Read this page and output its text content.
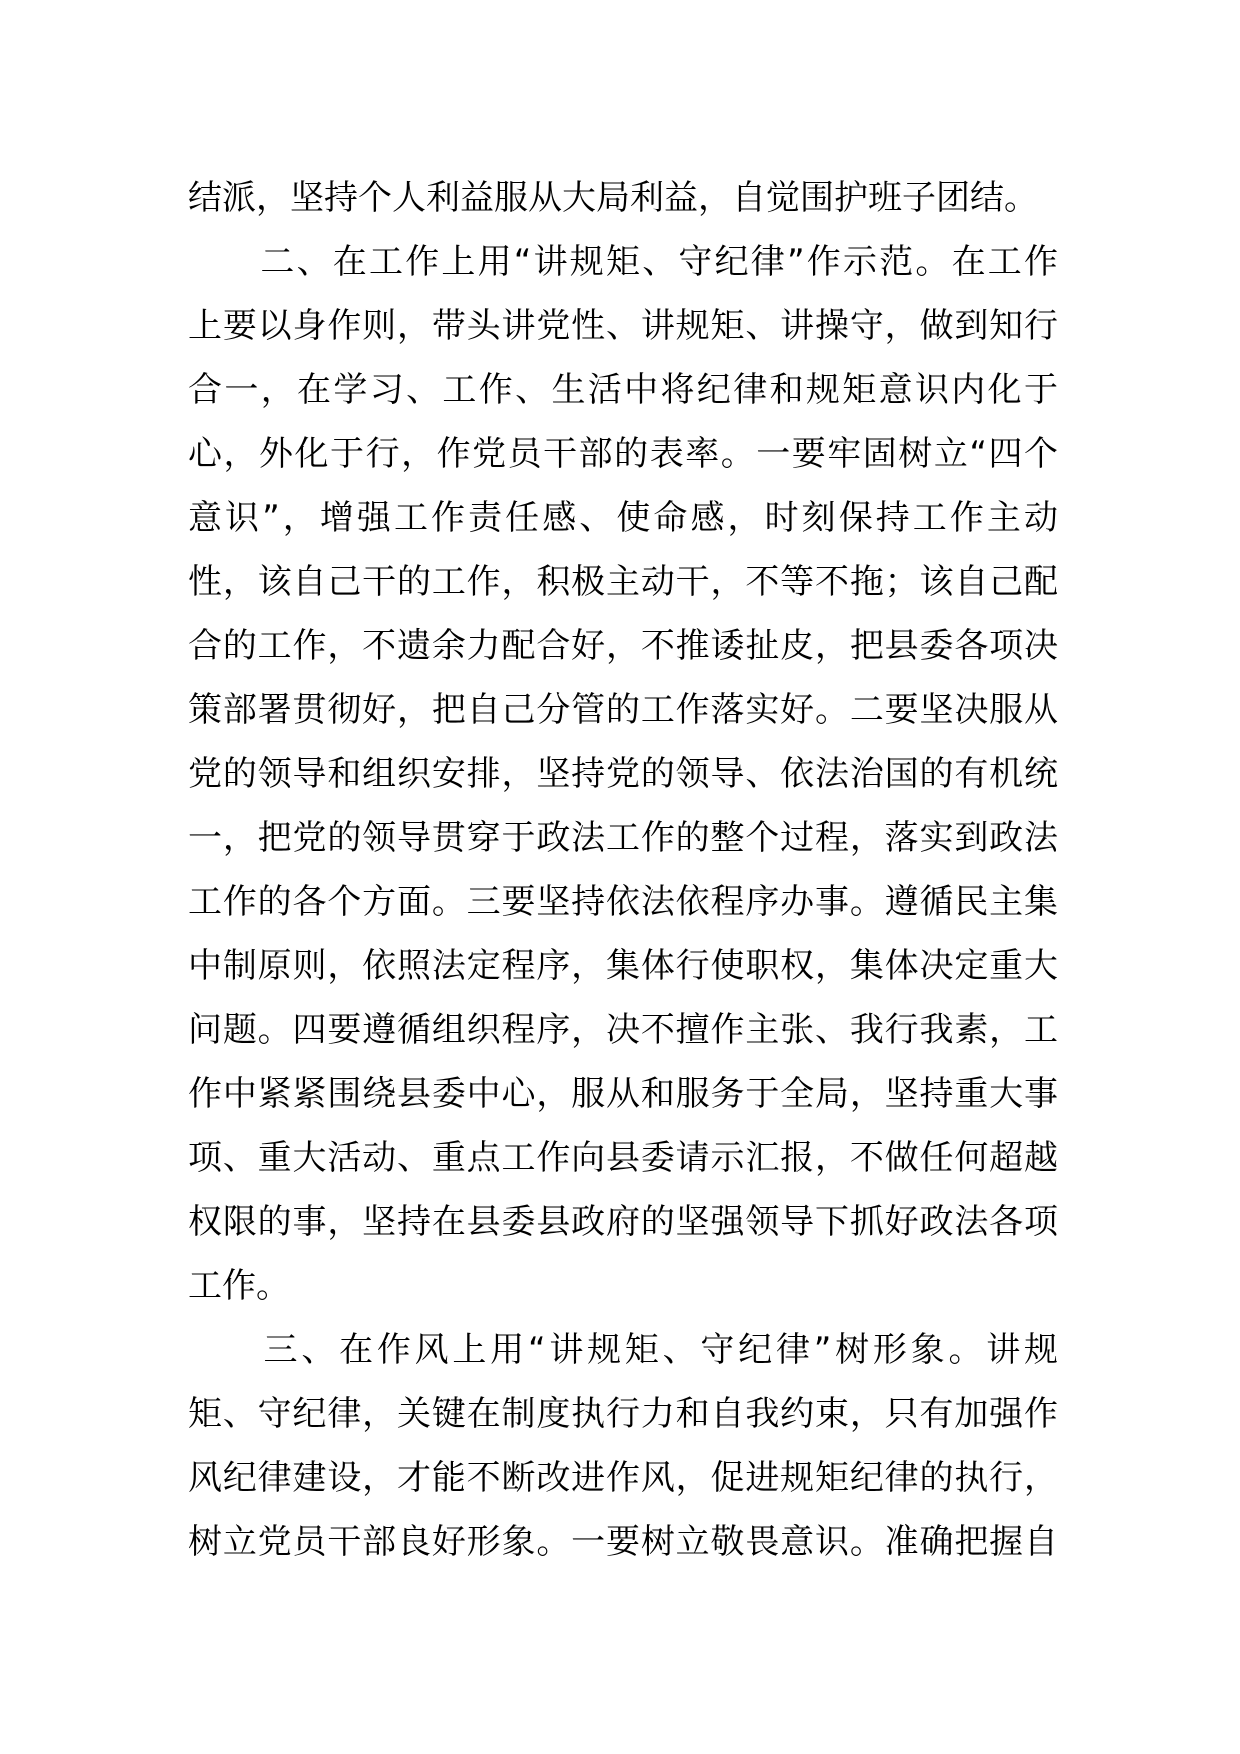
结派，坚持个人利益服从大局利益，自觉围护班子团结。
　　二、在工作上用“讲规矩、守纪律”作示范。在工作
上要以身作则，带头讲党性、讲规矩、讲操守，做到知行
合一，在学习、工作、生活中将纪律和规矩意识内化于
心，外化于行，作党员干部的表率。一要牢固树立“四个
意识”，增强工作责任感、使命感，时刻保持工作主动
性，该自己干的工作，积极主动干，不等不拖；该自己配
合的工作，不遗余力配合好，不推诿扯皮，把县委各项决
策部署贯彻好，把自己分管的工作落实好。二要坚决服从
党的领导和组织安排，坚持党的领导、依法治国的有机统
一，把党的领导贯穿于政法工作的整个过程，落实到政法
工作的各个方面。三要坚持依法依程序办事。遵循民主集
中制原则，依照法定程序，集体行使职权，集体决定重大
问题。四要遵循组织程序，决不擅作主张、我行我素，工
作中紧紧围绕县委中心，服从和服务于全局，坚持重大事
项、重大活动、重点工作向县委请示汇报，不做任何超越
权限的事，坚持在县委县政府的坚强领导下抓好政法各项
工作。
　　三、在作风上用“讲规矩、守纪律”树形象。讲规
矩、守纪律，关键在制度执行力和自我约束，只有加强作
风纪律建设，才能不断改进作风，促进规矩纪律的执行，
树立党员干部良好形象。一要树立敬畏意识。准确把握自
